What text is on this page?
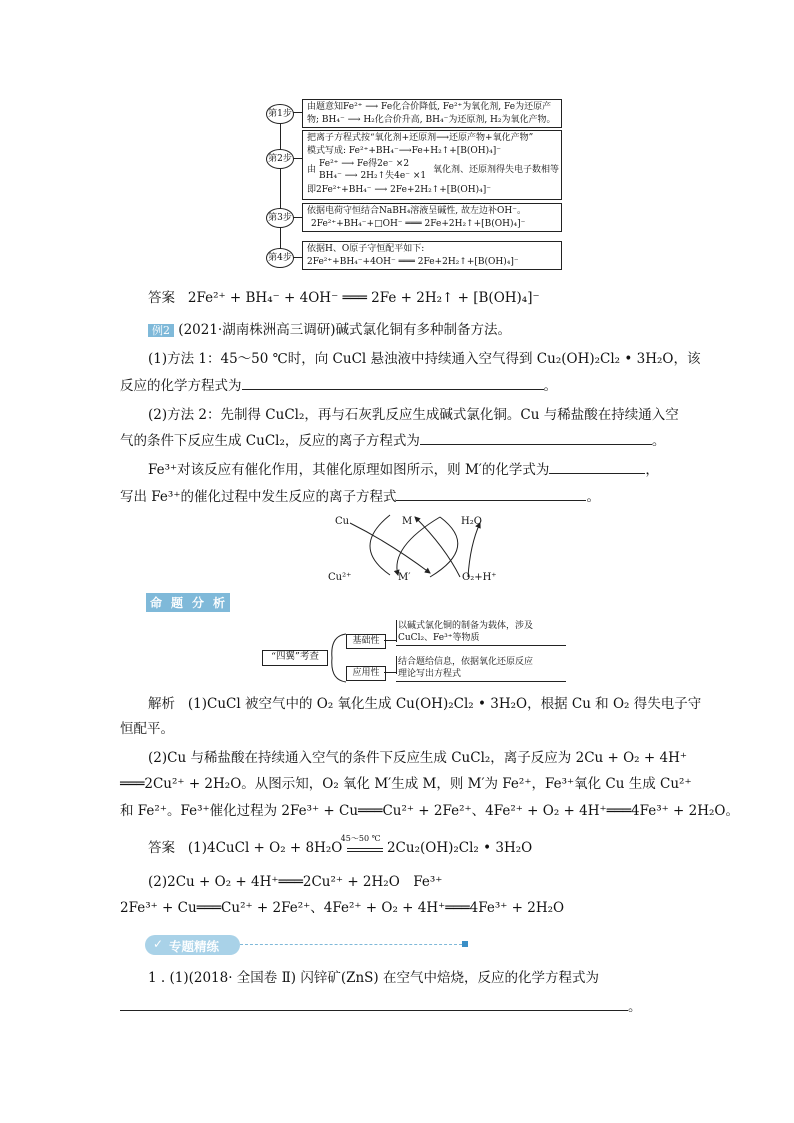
第1步
由题意知Fe²⁺ ⟶ Fe化合价降低, Fe²⁺为氧化剂, Fe为还原产
物; BH₄⁻ ⟶ H₂化合价升高, BH₄⁻为还原剂, H₂为氧化产物。
第2步
把离子方程式按“氧化剂+还原剂⟶还原产物+氧化产物”
模式写成: Fe²⁺+BH₄⁻⟶Fe+H₂↑+[B(OH)₄]⁻
由
Fe²⁺ ⟶ Fe得2e⁻ ×2
BH₄⁻ ⟶ 2H₂↑失4e⁻ ×1
氧化剂、还原剂得失电子数相等
即2Fe²⁺+BH₄⁻ ⟶ 2Fe+2H₂↑+[B(OH)₄]⁻
第3步
依据电荷守恒结合NaBH₄溶液呈碱性, 故左边补OH⁻。
2Fe²⁺+BH₄⁻+□OH⁻ ═══ 2Fe+2H₂↑+[B(OH)₄]⁻
第4步
依据H、O原子守恒配平如下:
2Fe²⁺+BH₄⁻+4OH⁻ ═══ 2Fe+2H₂↑+[B(OH)₄]⁻
答案 2Fe²⁺ + BH₄⁻ + 4OH⁻ ═══ 2Fe + 2H₂↑ + [B(OH)₄]⁻
例2 (2021·湖南株洲高三调研)碱式氯化铜有多种制备方法。
(1)方法 1：45～50 ℃时，向 CuCl 悬浊液中持续通入空气得到 Cu₂(OH)₂Cl₂ • 3H₂O，该
反应的化学方程式为	。
(2)方法 2：先制得 CuCl₂，再与石灰乳反应生成碱式氯化铜。Cu 与稀盐酸在持续通入空
气的条件下反应生成 CuCl₂，反应的离子方程式为	。
Fe³⁺对该反应有催化作用，其催化原理如图所示，则 M′的化学式为	，
写出 Fe³⁺的催化过程中发生反应的离子方程式	。
Cu	M	H₂O
Cu²⁺	M′	O₂+H⁺
命 题 分 析
“四翼”考查
基础性
以碱式氯化铜的制备为载体，涉及
CuCl₂、Fe³⁺等物质
应用性
结合题给信息，依据氧化还原反应
理论写出方程式
解析 (1)CuCl 被空气中的 O₂ 氧化生成 Cu(OH)₂Cl₂ • 3H₂O，根据 Cu 和 O₂ 得失电子守
恒配平。
(2)Cu 与稀盐酸在持续通入空气的条件下反应生成 CuCl₂，离子反应为 2Cu + O₂ + 4H⁺
═══2Cu²⁺ + 2H₂O。从图示知，O₂ 氧化 M′生成 M，则 M′为 Fe²⁺，Fe³⁺氧化 Cu 生成 Cu²⁺
和 Fe²⁺。Fe³⁺催化过程为 2Fe³⁺ + Cu═══Cu²⁺ + 2Fe²⁺、4Fe²⁺ + O₂ + 4H⁺═══4Fe³⁺ + 2H₂O。
答案 (1)4CuCl + O₂ + 8H₂O
45～50 ℃
2Cu₂(OH)₂Cl₂ • 3H₂O
(2)2Cu + O₂ + 4H⁺═══2Cu²⁺ + 2H₂O　Fe³⁺
2Fe³⁺ + Cu═══Cu²⁺ + 2Fe²⁺、4Fe²⁺ + O₂ + 4H⁺═══4Fe³⁺ + 2H₂O
✓ 专题精练
1 . (1)(2018· 全国卷 Ⅱ) 闪锌矿(ZnS) 在空气中焙烧，反应的化学方程式为
。
